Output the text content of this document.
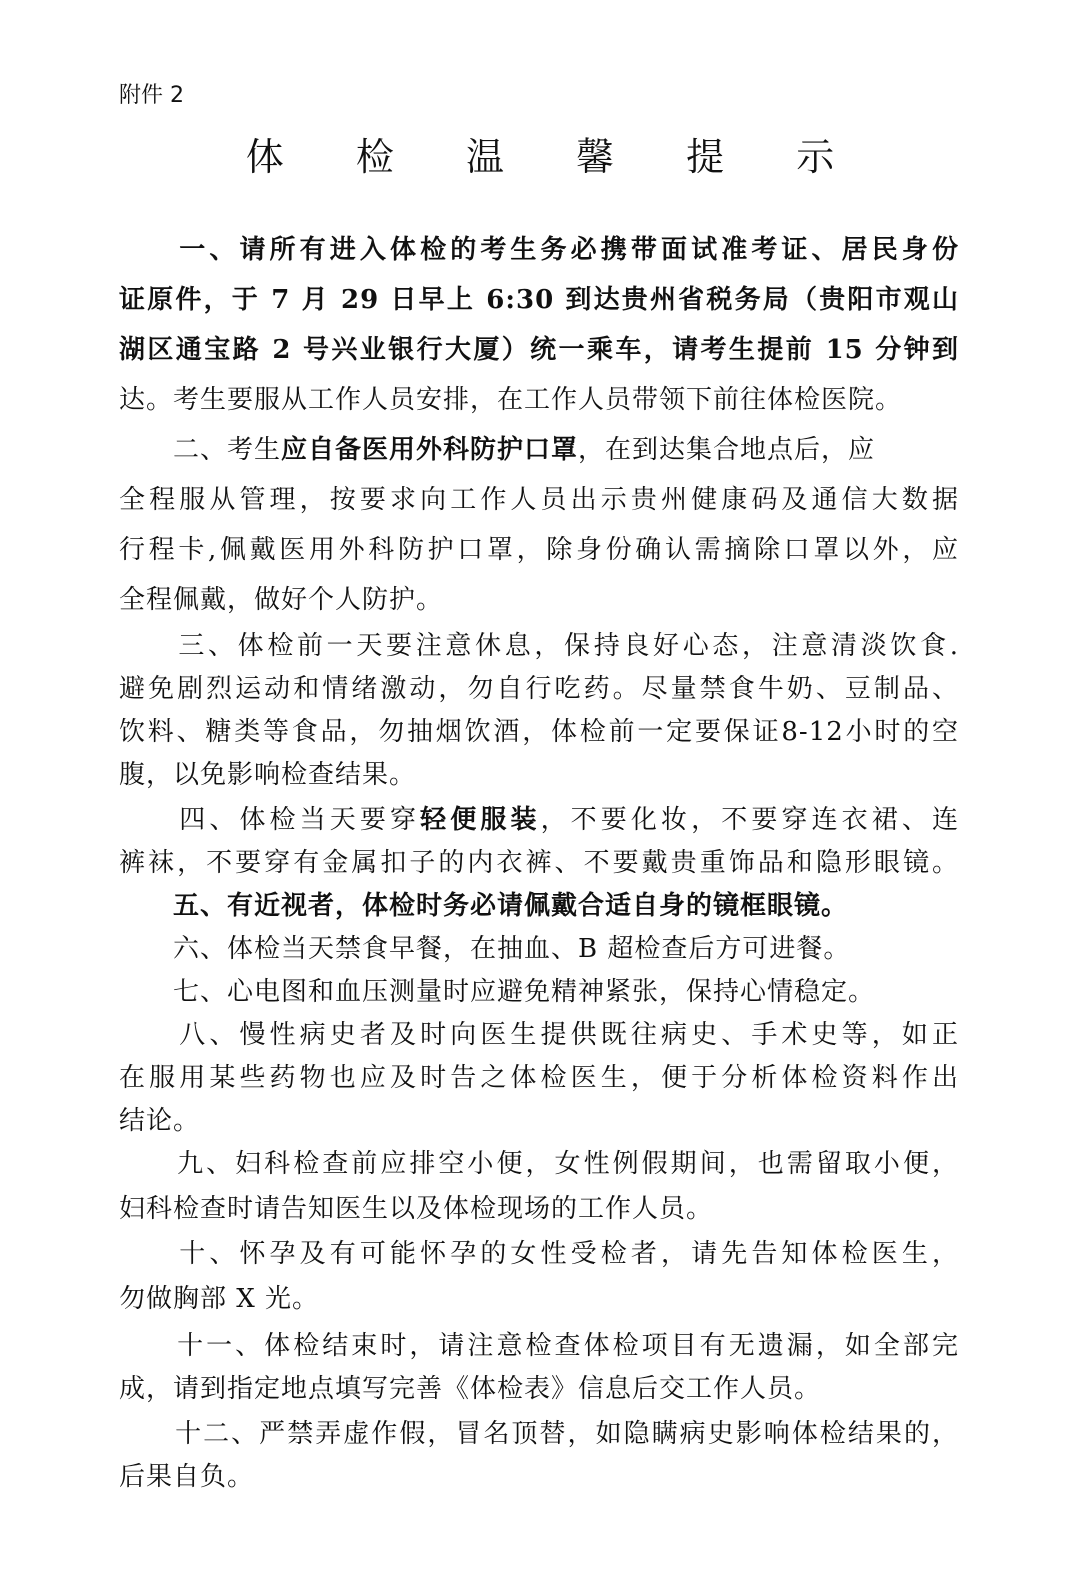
附件 2
体 检 温 馨 提 示
　　一、请所有进入体检的考生务必携带面试准考证、居民身份
证原件，于 7 月 29 日早上 6:30 到达贵州省税务局（贵阳市观山
湖区通宝路 2 号兴业银行大厦）统一乘车，请考生提前 15 分钟到
达。考生要服从工作人员安排，在工作人员带领下前往体检医院。
　　二、考生应自备医用外科防护口罩，在到达集合地点后，应
全程服从管理，按要求向工作人员出示贵州健康码及通信大数据
行程卡,佩戴医用外科防护口罩，除身份确认需摘除口罩以外，应
全程佩戴，做好个人防护。
　　三、体检前一天要注意休息，保持良好心态，注意清淡饮食.
避免剧烈运动和情绪激动，勿自行吃药。尽量禁食牛奶、豆制品、
饮料、糖类等食品，勿抽烟饮酒，体检前一定要保证8-12小时的空
腹，以免影响检查结果。
　　四、体检当天要穿轻便服装，不要化妆，不要穿连衣裙、连
裤袜，不要穿有金属扣子的内衣裤、不要戴贵重饰品和隐形眼镜。
　　五、有近视者，体检时务必请佩戴合适自身的镜框眼镜。
　　六、体检当天禁食早餐，在抽血、B 超检查后方可进餐。
　　七、心电图和血压测量时应避免精神紧张，保持心情稳定。
　　八、慢性病史者及时向医生提供既往病史、手术史等，如正
在服用某些药物也应及时告之体检医生，便于分析体检资料作出
结论。
　　九、妇科检查前应排空小便，女性例假期间，也需留取小便，
妇科检查时请告知医生以及体检现场的工作人员。
　　十、怀孕及有可能怀孕的女性受检者，请先告知体检医生，
勿做胸部 X 光。
　　十一、体检结束时，请注意检查体检项目有无遗漏，如全部完
成，请到指定地点填写完善《体检表》信息后交工作人员。
　　十二、严禁弄虚作假，冒名顶替，如隐瞒病史影响体检结果的，
后果自负。
